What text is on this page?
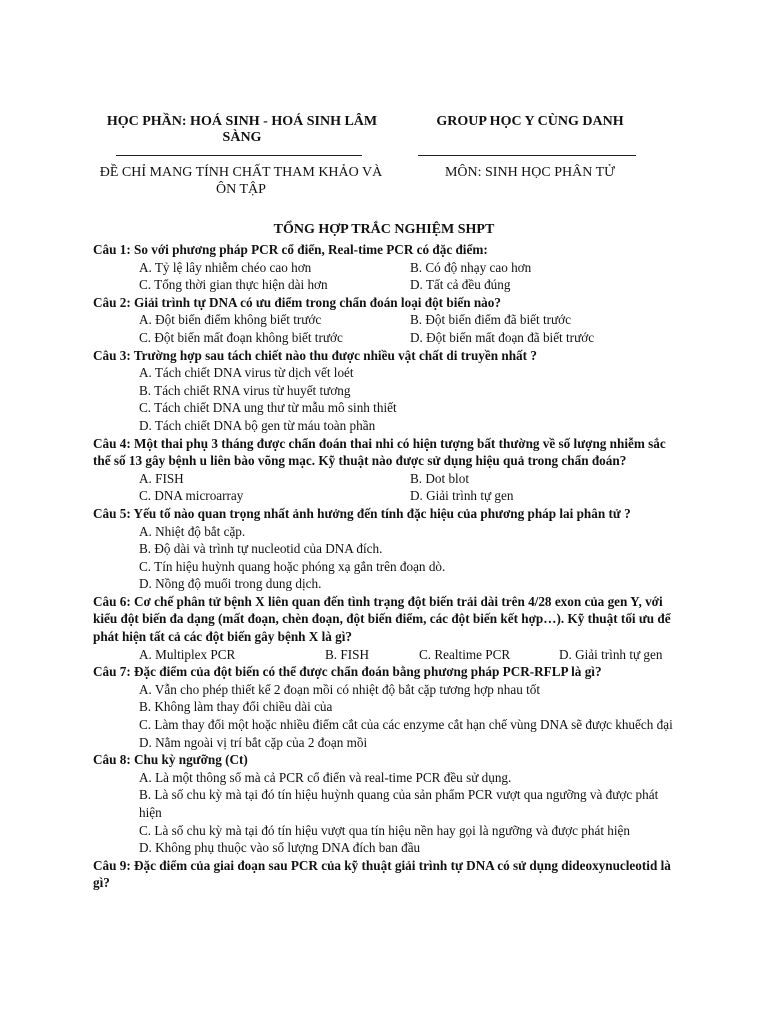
HỌC PHẦN: HOÁ SINH - HOÁ SINH LÂM SÀNG
GROUP HỌC Y CÙNG DANH
ĐỀ CHỈ MANG TÍNH CHẤT THAM KHẢO VÀ ÔN TẬP
MÔN: SINH HỌC PHÂN TỬ
TỔNG HỢP TRẮC NGHIỆM SHPT
Câu 1: So với phương pháp PCR cổ điển, Real-time PCR có đặc điểm:
A. Tỷ lệ lây nhiễm chéo cao hơn	B. Có độ nhạy cao hơn
C. Tổng thời gian thực hiện dài hơn	D. Tất cả đều đúng
Câu 2: Giải trình tự DNA có ưu điểm trong chẩn đoán loại đột biến nào?
A. Đột biến điểm không biết trước	B. Đột biến điểm đã biết trước
C. Đột biến mất đoạn không biết trước	D. Đột biến mất đoạn đã biết trước
Câu 3: Trường hợp sau tách chiết nào thu được nhiều vật chất di truyền nhất ?
A. Tách chiết DNA virus từ dịch vết loét
B. Tách chiết RNA virus từ huyết tương
C. Tách chiết DNA ung thư từ mẫu mô sinh thiết
D. Tách chiết DNA bộ gen từ máu toàn phần
Câu 4: Một thai phụ 3 tháng được chẩn đoán thai nhi có hiện tượng bất thường về số lượng nhiễm sắc thể số 13 gây bệnh u liên bào võng mạc. Kỹ thuật nào được sử dụng hiệu quả trong chẩn đoán?
A. FISH	B. Dot blot
C. DNA microarray	D. Giải trình tự gen
Câu 5: Yếu tố nào quan trọng nhất ảnh hưởng đến tính đặc hiệu của phương pháp lai phân tử ?
A. Nhiệt độ bắt cặp.
B. Độ dài và trình tự nucleotid của DNA đích.
C. Tín hiệu huỳnh quang hoặc phóng xạ gắn trên đoạn dò.
D. Nồng độ muối trong dung dịch.
Câu 6: Cơ chế phân tử bệnh X liên quan đến tình trạng đột biến trải dài trên 4/28 exon của gen Y, với kiểu đột biến đa dạng (mất đoạn, chèn đoạn, đột biến điểm, các đột biến kết hợp…). Kỹ thuật tối ưu để phát hiện tất cả các đột biến gây bệnh X là gì?
A. Multiplex PCR	B. FISH	C. Realtime PCR	D. Giải trình tự gen
Câu 7: Đặc điểm của đột biến có thể được chẩn đoán bằng phương pháp PCR-RFLP là gì?
A. Vẫn cho phép thiết kế 2 đoạn mồi có nhiệt độ bắt cặp tương hợp nhau tốt
B. Không làm thay đổi chiều dài của
C. Làm thay đổi một hoặc nhiều điểm cắt của các enzyme cắt hạn chế vùng DNA sẽ được khuếch đại
D. Nằm ngoài vị trí bắt cặp của 2 đoạn mồi
Câu 8: Chu kỳ ngưỡng (Ct)
A. Là một thông số mà cả PCR cổ điển và real-time PCR đều sử dụng.
B. Là số chu kỳ mà tại đó tín hiệu huỳnh quang của sản phẩm PCR vượt qua ngưỡng và được phát hiện
C. Là số chu kỳ mà tại đó tín hiệu vượt qua tín hiệu nền hay gọi là ngưỡng và được phát hiện
D. Không phụ thuộc vào số lượng DNA đích ban đầu
Câu 9: Đặc điểm của giai đoạn sau PCR của kỹ thuật giải trình tự DNA có sử dụng dideoxynucleotid là gì?
